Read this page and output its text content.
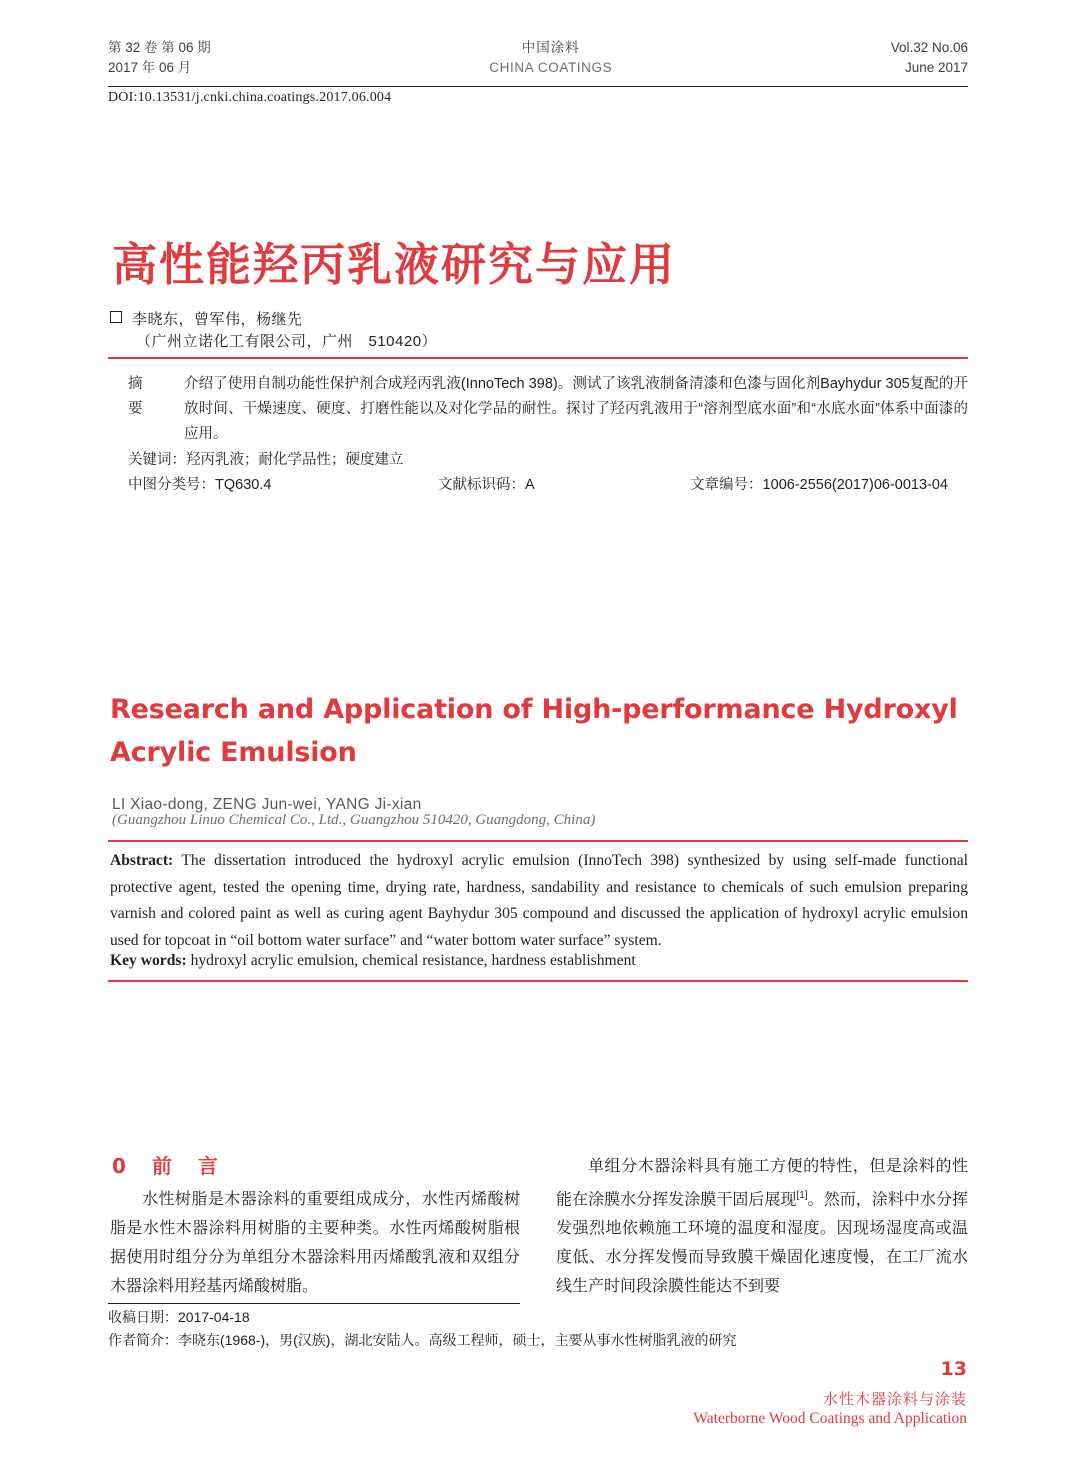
第 32 卷 第 06 期
2017 年 06 月
中国涂料
CHINA COATINGS
Vol.32 No.06
June 2017
DOI:10.13531/j.cnki.china.coatings.2017.06.004
高性能羟丙乳液研究与应用
李晓东，曾军伟，杨继先
（广州立诺化工有限公司，广州　510420）
摘　要
介绍了使用自制功能性保护剂合成羟丙乳液(InnoTech 398)。测试了该乳液制备清漆和色漆与固化剂Bayhydur 305复配的开放时间、干燥速度、硬度、打磨性能以及对化学品的耐性。探讨了羟丙乳液用于“溶剂型底水面”和“水底水面”体系中面漆的应用。
关键词：羟丙乳液；耐化学品性；硬度建立
中图分类号：TQ630.4	文献标识码：A	文章编号：1006-2556(2017)06-0013-04
Research and Application of High-performance Hydroxyl Acrylic Emulsion
LI Xiao-dong, ZENG Jun-wei, YANG Ji-xian
(Guangzhou Linuo Chemical Co., Ltd., Guangzhou 510420, Guangdong, China)
Abstract: The dissertation introduced the hydroxyl acrylic emulsion (InnoTech 398) synthesized by using self-made functional protective agent, tested the opening time, drying rate, hardness, sandability and resistance to chemicals of such emulsion preparing varnish and colored paint as well as curing agent Bayhydur 305 compound and discussed the application of hydroxyl acrylic emulsion used for topcoat in “oil bottom water surface” and “water bottom water surface” system.
Key words: hydroxyl acrylic emulsion, chemical resistance, hardness establishment
0　前　言

水性树脂是木器涂料的重要组成成分，水性丙烯酸树脂是水性木器涂料用树脂的主要种类。水性丙烯酸树脂根据使用时组分分为单组分木器涂料用丙烯酸乳液和双组分木器涂料用羟基丙烯酸树脂。

单组分木器涂料具有施工方便的特性，但是涂料的性能在涂膜水分挥发涂膜干固后展现[1]。然而，涂料中水分挥发强烈地依赖施工环境的温度和湿度。因现场湿度高或温度低、水分挥发慢而导致膜干燥固化速度慢，在工厂流水线生产时间段涂膜性能达不到要

收稿日期：2017-04-18
作者简介：李晓东(1968-)，男(汉族)，湖北安陆人。高级工程师，硕士，主要从事水性树脂乳液的研究
13
水性木器涂料与涂装
Waterborne Wood Coatings and Application
